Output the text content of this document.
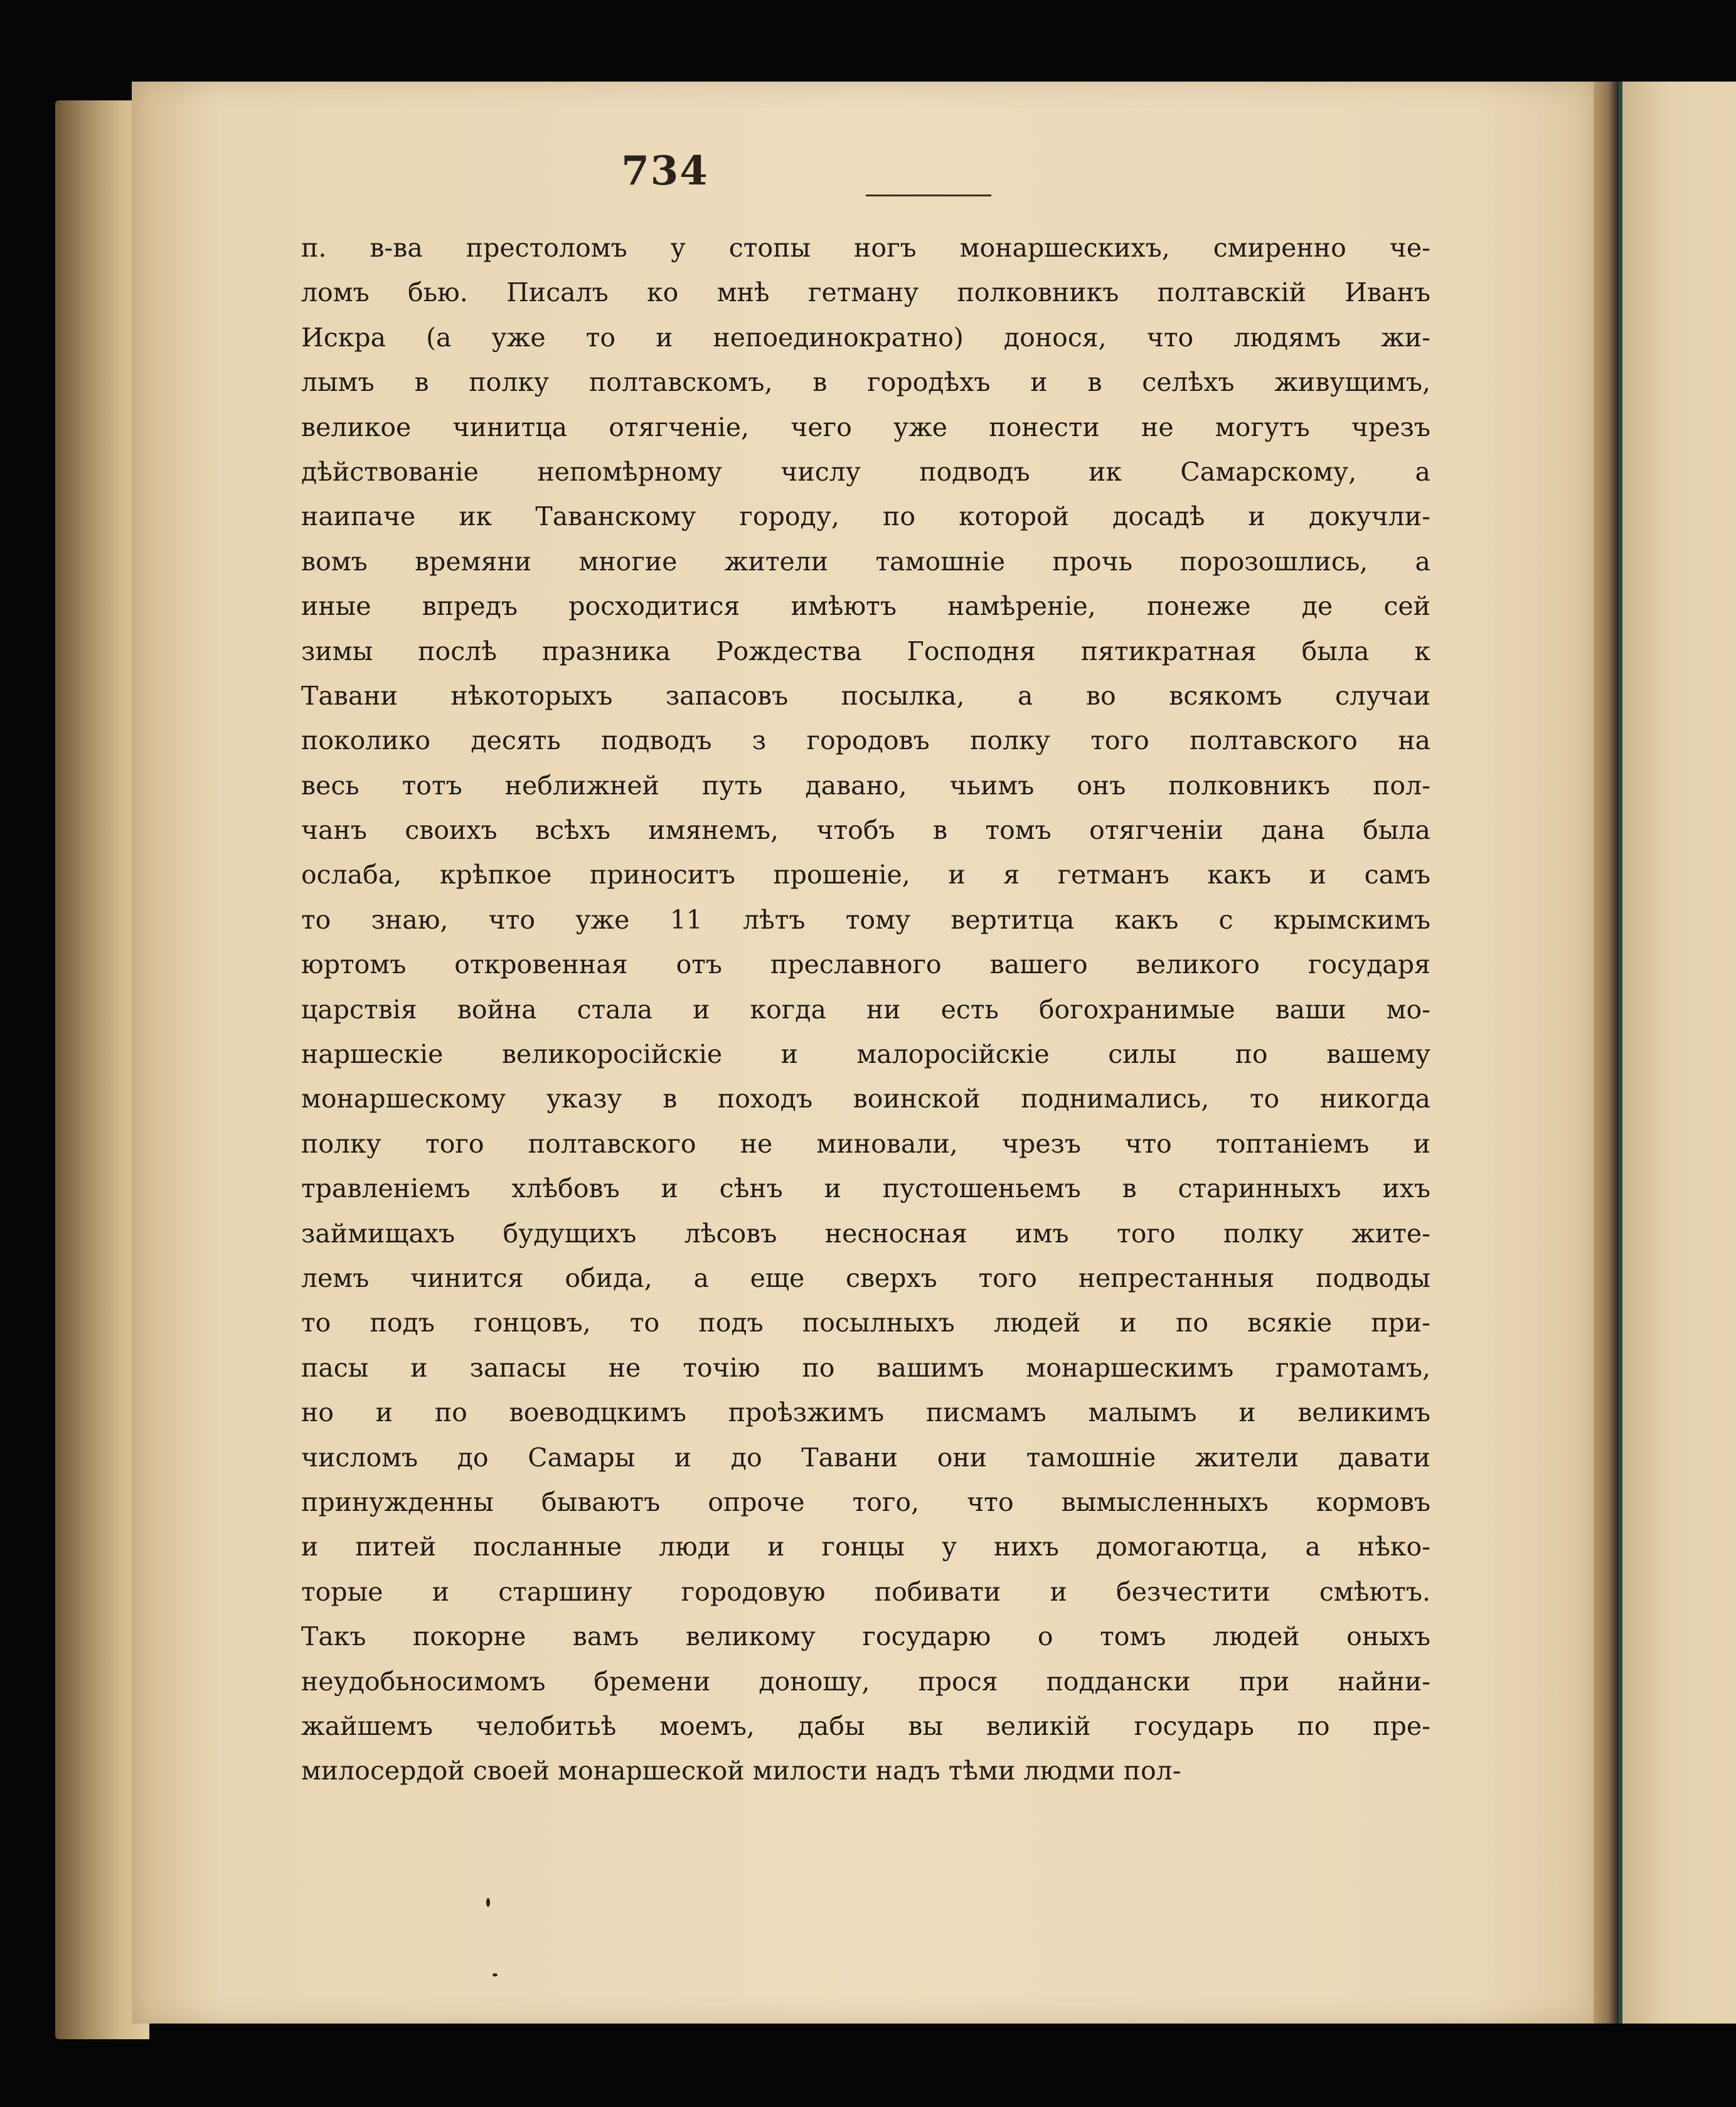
734
п. в-ва престоломъ у стопы ногъ монаршескихъ, смиренно че-
ломъ бью. Писалъ ко мнѣ гетману полковникъ полтавскій Иванъ
Искра (а уже то и непоединократно) донося, что людямъ жи-
лымъ в полку полтавскомъ, в городѣхъ и в селѣхъ живущимъ,
великое чинитца отягченіе, чего уже понести не могутъ чрезъ
дѣйствованіе непомѣрному числу подводъ ик Самарскому, а
наипаче ик Таванскому городу, по которой досадѣ и докучли-
вомъ времяни многие жители тамошніе прочь порозошлись, а
иные впредъ росходитися имѣютъ намѣреніе, понеже де сей
зимы послѣ празника Рождества Господня пятикратная была к
Тавани нѣкоторыхъ запасовъ посылка, а во всякомъ случаи
поколико десять подводъ з городовъ полку того полтавского на
весь тотъ неближней путь давано, чьимъ онъ полковникъ пол-
чанъ своихъ всѣхъ имянемъ, чтобъ в томъ отягченіи дана была
ослаба, крѣпкое приноситъ прошеніе, и я гетманъ какъ и самъ
то знаю, что уже 11 лѣтъ тому вертитца какъ с крымскимъ
юртомъ откровенная отъ преславного вашего великого государя
царствія война стала и когда ни есть богохранимые ваши мо-
наршескіе великоросійскіе и малоросійскіе силы по вашему
монаршескому указу в походъ воинской поднимались, то никогда
полку того полтавского не миновали, чрезъ что топтаніемъ и
травленіемъ хлѣбовъ и сѣнъ и пустошеньемъ в старинныхъ ихъ
займищахъ будущихъ лѣсовъ несносная имъ того полку жите-
лемъ чинится обида, а еще сверхъ того непрестанныя подводы
то подъ гонцовъ, то подъ посылныхъ людей и по всякіе при-
пасы и запасы не точію по вашимъ монаршескимъ грамотамъ,
но и по воеводцкимъ проѣзжимъ писмамъ малымъ и великимъ
числомъ до Самары и до Тавани они тамошніе жители давати
принужденны бываютъ опроче того, что вымысленныхъ кормовъ
и питей посланные люди и гонцы у нихъ домогаютца, а нѣко-
торые и старшину городовую побивати и безчестити смѣютъ.
Такъ покорне вамъ великому государю о томъ людей оныхъ
неудобьносимомъ бремени доношу, прося поддански при найни-
жайшемъ челобитьѣ моемъ, дабы вы великій государь по пре-
милосердой своей монаршеской милости надъ тѣми людми пол-
